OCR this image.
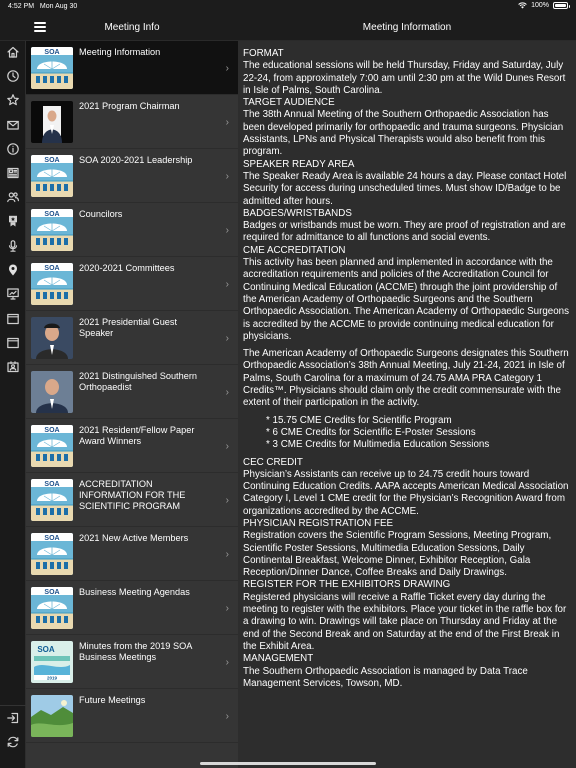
4:52 PM Mon Aug 30	100%
Meeting Info	Meeting Information
SOA Meeting Information
›
2021 Program Chairman
›
SOA SOA 2020-2021 Leadership
›
SOA Councilors
›
SOA 2020-2021 Committees
›
2021 Presidential Guest Speaker	›
2021 Distinguished Southern Orthopaedist	›
SOA 2021 Resident/Fellow Paper Award Winners	›
SOA ACCREDITATION INFORMATION FOR THE SCIENTIFIC PROGRAM	›
SOA 2021 New Active Members
›
SOA Business Meeting Agendas
›
SOA
2019
Minutes from the 2019 SOA Business Meetings	›
Future Meetings
›
FORMAT
The educational sessions will be held Thursday, Friday and Saturday, July 22-24, from approximately 7:00 am until 2:30 pm at the Wild Dunes Resort in Isle of Palms, South Carolina.
TARGET AUDIENCE
The 38th Annual Meeting of the Southern Orthopaedic Association has been developed primarily for orthopaedic and trauma surgeons. Physician Assistants, LPNs and Physical Therapists would also benefit from this program.
SPEAKER READY AREA
The Speaker Ready Area is available 24 hours a day. Please contact Hotel Security for access during unscheduled times. Must show ID/Badge to be admitted after hours.
BADGES/WRISTBANDS
Badges or wristbands must be worn. They are proof of registration and are required for admittance to all functions and social events.
CME ACCREDITATION
This activity has been planned and implemented in accordance with the accreditation requirements and policies of the Accreditation Council for Continuing Medical Education (ACCME) through the joint providership of the American Academy of Orthopaedic Surgeons and the Southern Orthopaedic Association. The American Academy of Orthopaedic Surgeons is accredited by the ACCME to provide continuing medical education for physicians.
The American Academy of Orthopaedic Surgeons designates this Southern Orthopaedic Association’s 38th Annual Meeting, July 21-24, 2021 in Isle of Palms, South Carolina for a maximum of 24.75 AMA PRA Category 1 Credits™. Physicians should claim only the credit commensurate with the extent of their participation in the activity.
* 15.75 CME Credits for Scientific Program
* 6 CME Credits for Scientific E-Poster Sessions
* 3 CME Credits for Multimedia Education Sessions
CEC CREDIT
Physician’s Assistants can receive up to 24.75 credit hours toward Continuing Education Credits. AAPA accepts American Medical Association Category I, Level 1 CME credit for the Physician’s Recognition Award from organizations accredited by the ACCME.
PHYSICIAN REGISTRATION FEE
Registration covers the Scientific Program Sessions, Meeting Program, Scientific Poster Sessions, Multimedia Education Sessions, Daily Continental Breakfast, Welcome Dinner, Exhibitor Reception, Gala Reception/Dinner Dance, Coffee Breaks and Daily Drawings.
REGISTER FOR THE EXHIBITORS DRAWING
Registered physicians will receive a Raffle Ticket every day during the meeting to register with the exhibitors. Place your ticket in the raffle box for a drawing to win. Drawings will take place on Thursday and Friday at the end of the Second Break and on Saturday at the end of the First Break in the Exhibit Area.
MANAGEMENT
The Southern Orthopaedic Association is managed by Data Trace Management Services, Towson, MD.
